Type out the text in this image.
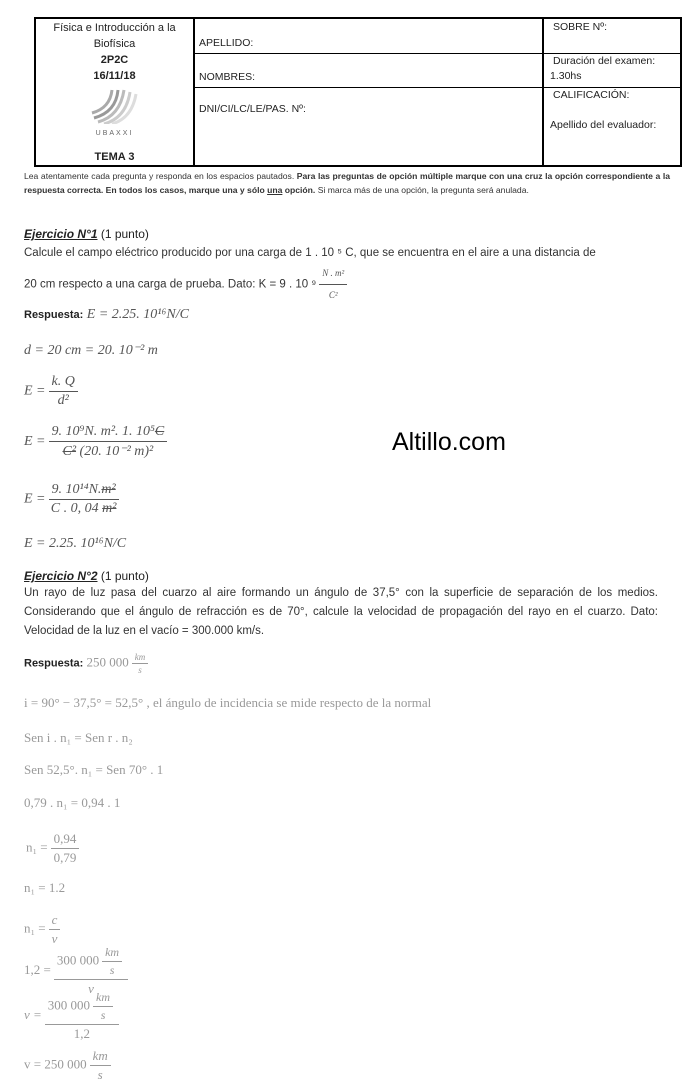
Física e Introducción a la Biofísica
2P2C
16/11/18
UBAXXI
TEMA 3
APELLIDO:
NOMBRES:
DNI/CI/LC/LE/PAS. Nº:
SOBRE Nº:
Duración del examen:
1.30hs
CALIFICACIÓN:
Apellido del evaluador:
Lea atentamente cada pregunta y responda en los espacios pautados. Para las preguntas de opción múltiple marque con una cruz la opción correspondiente a la respuesta correcta. En todos los casos, marque una y sólo una opción. Si marca más de una opción, la pregunta será anulada.
Altillo.com
Ejercicio N°1 (1 punto)
Calcule el campo eléctrico producido por una carga de 1 . 10 ⁵ C, que se encuentra en el aire a una distancia de
20 cm respecto a una carga de prueba. Dato: K = 9 . 10 $^9 \frac{\text{N . m²}}{\text{C²}}$
Respuesta: E = 2.25. 10¹⁶N/C
d = 20 cm = 20. 10⁻² m
$E = \frac{k. Q}{\text{d²}}$
$E = \frac{\text{9. 10⁹N. m². 1. 10⁵C}}{\text{C² (20. 10⁻² m)²}}$
$E = \frac{\text{9. 10¹⁴N.m²}}{\text{C . 0, 04 m²}}$
E = 2.25. 10¹⁶N/C
Ejercicio N°2 (1 punto)
Un rayo de luz pasa del cuarzo al aire formando un ángulo de 37,5° con la superficie de separación de los medios. Considerando que el ángulo de refracción es de 70°, calcule la velocidad de propagación del rayo en el cuarzo. Dato: Velocidad de la luz en el vacío = 300.000 km/s.
Respuesta: 250 $000 \frac{km}{s}$
i = 90° − 37,5° = 52,5° , el ángulo de incidencia se mide respecto de la normal
Sen i . n₁ = Sen r . n₂
Sen 52,5°. n₁ = Sen 70° . 1
0,79 . n₁ = 0,94 . 1
$n_1 = \frac{0,94}{0,79}$
n₁ = 1.2
$n_1 = \frac{c}{v}$
$1,2 = \frac{300 000 \frac{km}{s}}{v}$
$v = \frac{300 000 \frac{km}{s}}{1,2}$
v = 250 $000 \frac{km}{s}$
